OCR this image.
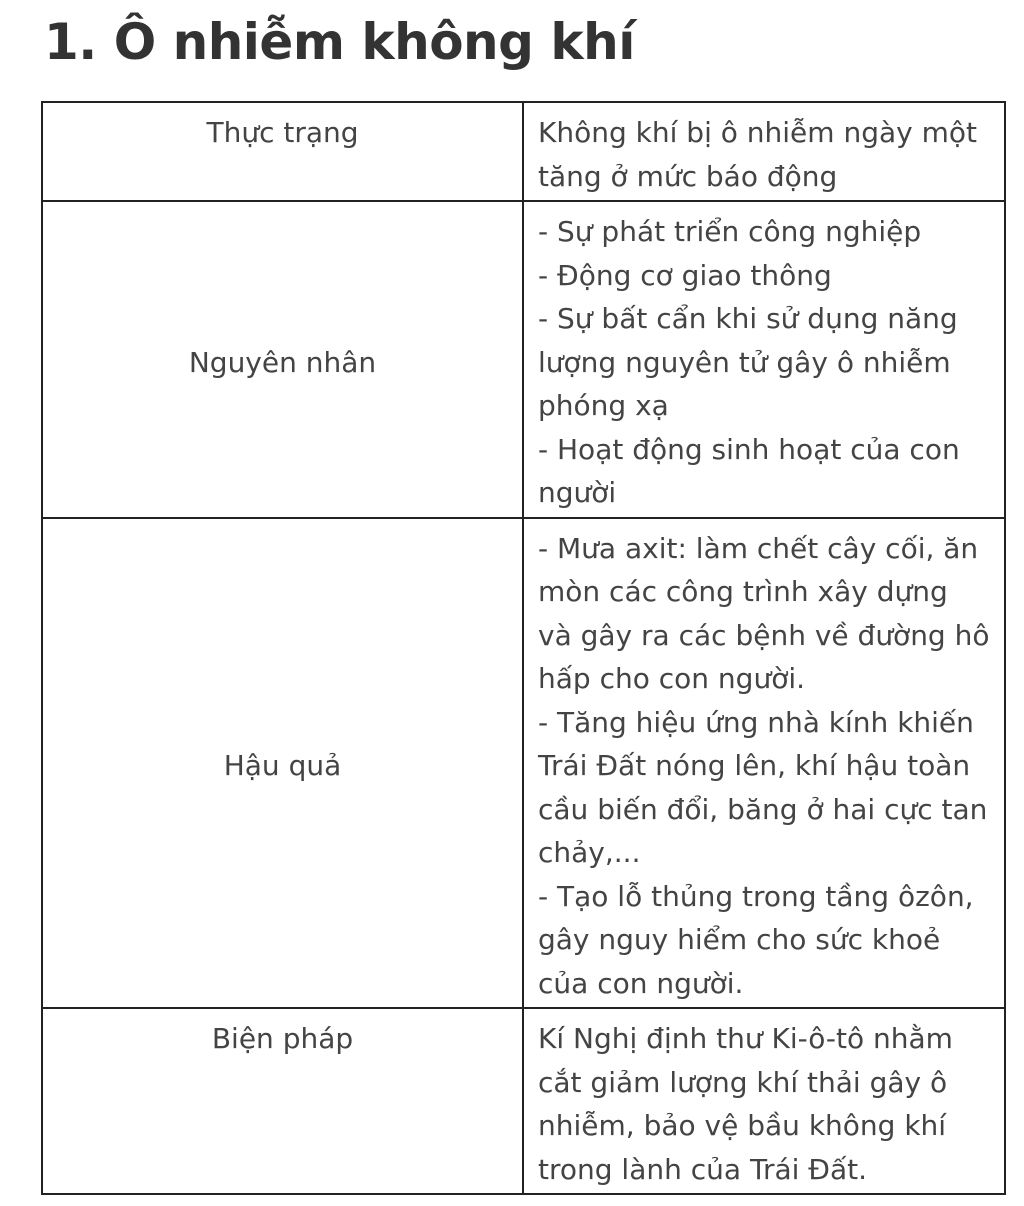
1. Ô nhiễm không khí
Thực trạng	Không khí bị ô nhiễm ngày một tăng ở mức báo động

Nguyên nhân	- Sự phát triển công nghiệp
- Động cơ giao thông
- Sự bất cẩn khi sử dụng năng lượng nguyên tử gây ô nhiễm phóng xạ
- Hoạt động sinh hoạt của con người

Hậu quả	- Mưa axit: làm chết cây cối, ăn mòn các công trình xây dựng và gây ra các bệnh về đường hô hấp cho con người.
- Tăng hiệu ứng nhà kính khiến Trái Đất nóng lên, khí hậu toàn cầu biến đổi, băng ở hai cực tan chảy,...
- Tạo lỗ thủng trong tầng ôzôn, gây nguy hiểm cho sức khoẻ của con người.

Biện pháp	Kí Nghị định thư Ki-ô-tô nhằm cắt giảm lượng khí thải gây ô nhiễm, bảo vệ bầu không khí trong lành của Trái Đất.
